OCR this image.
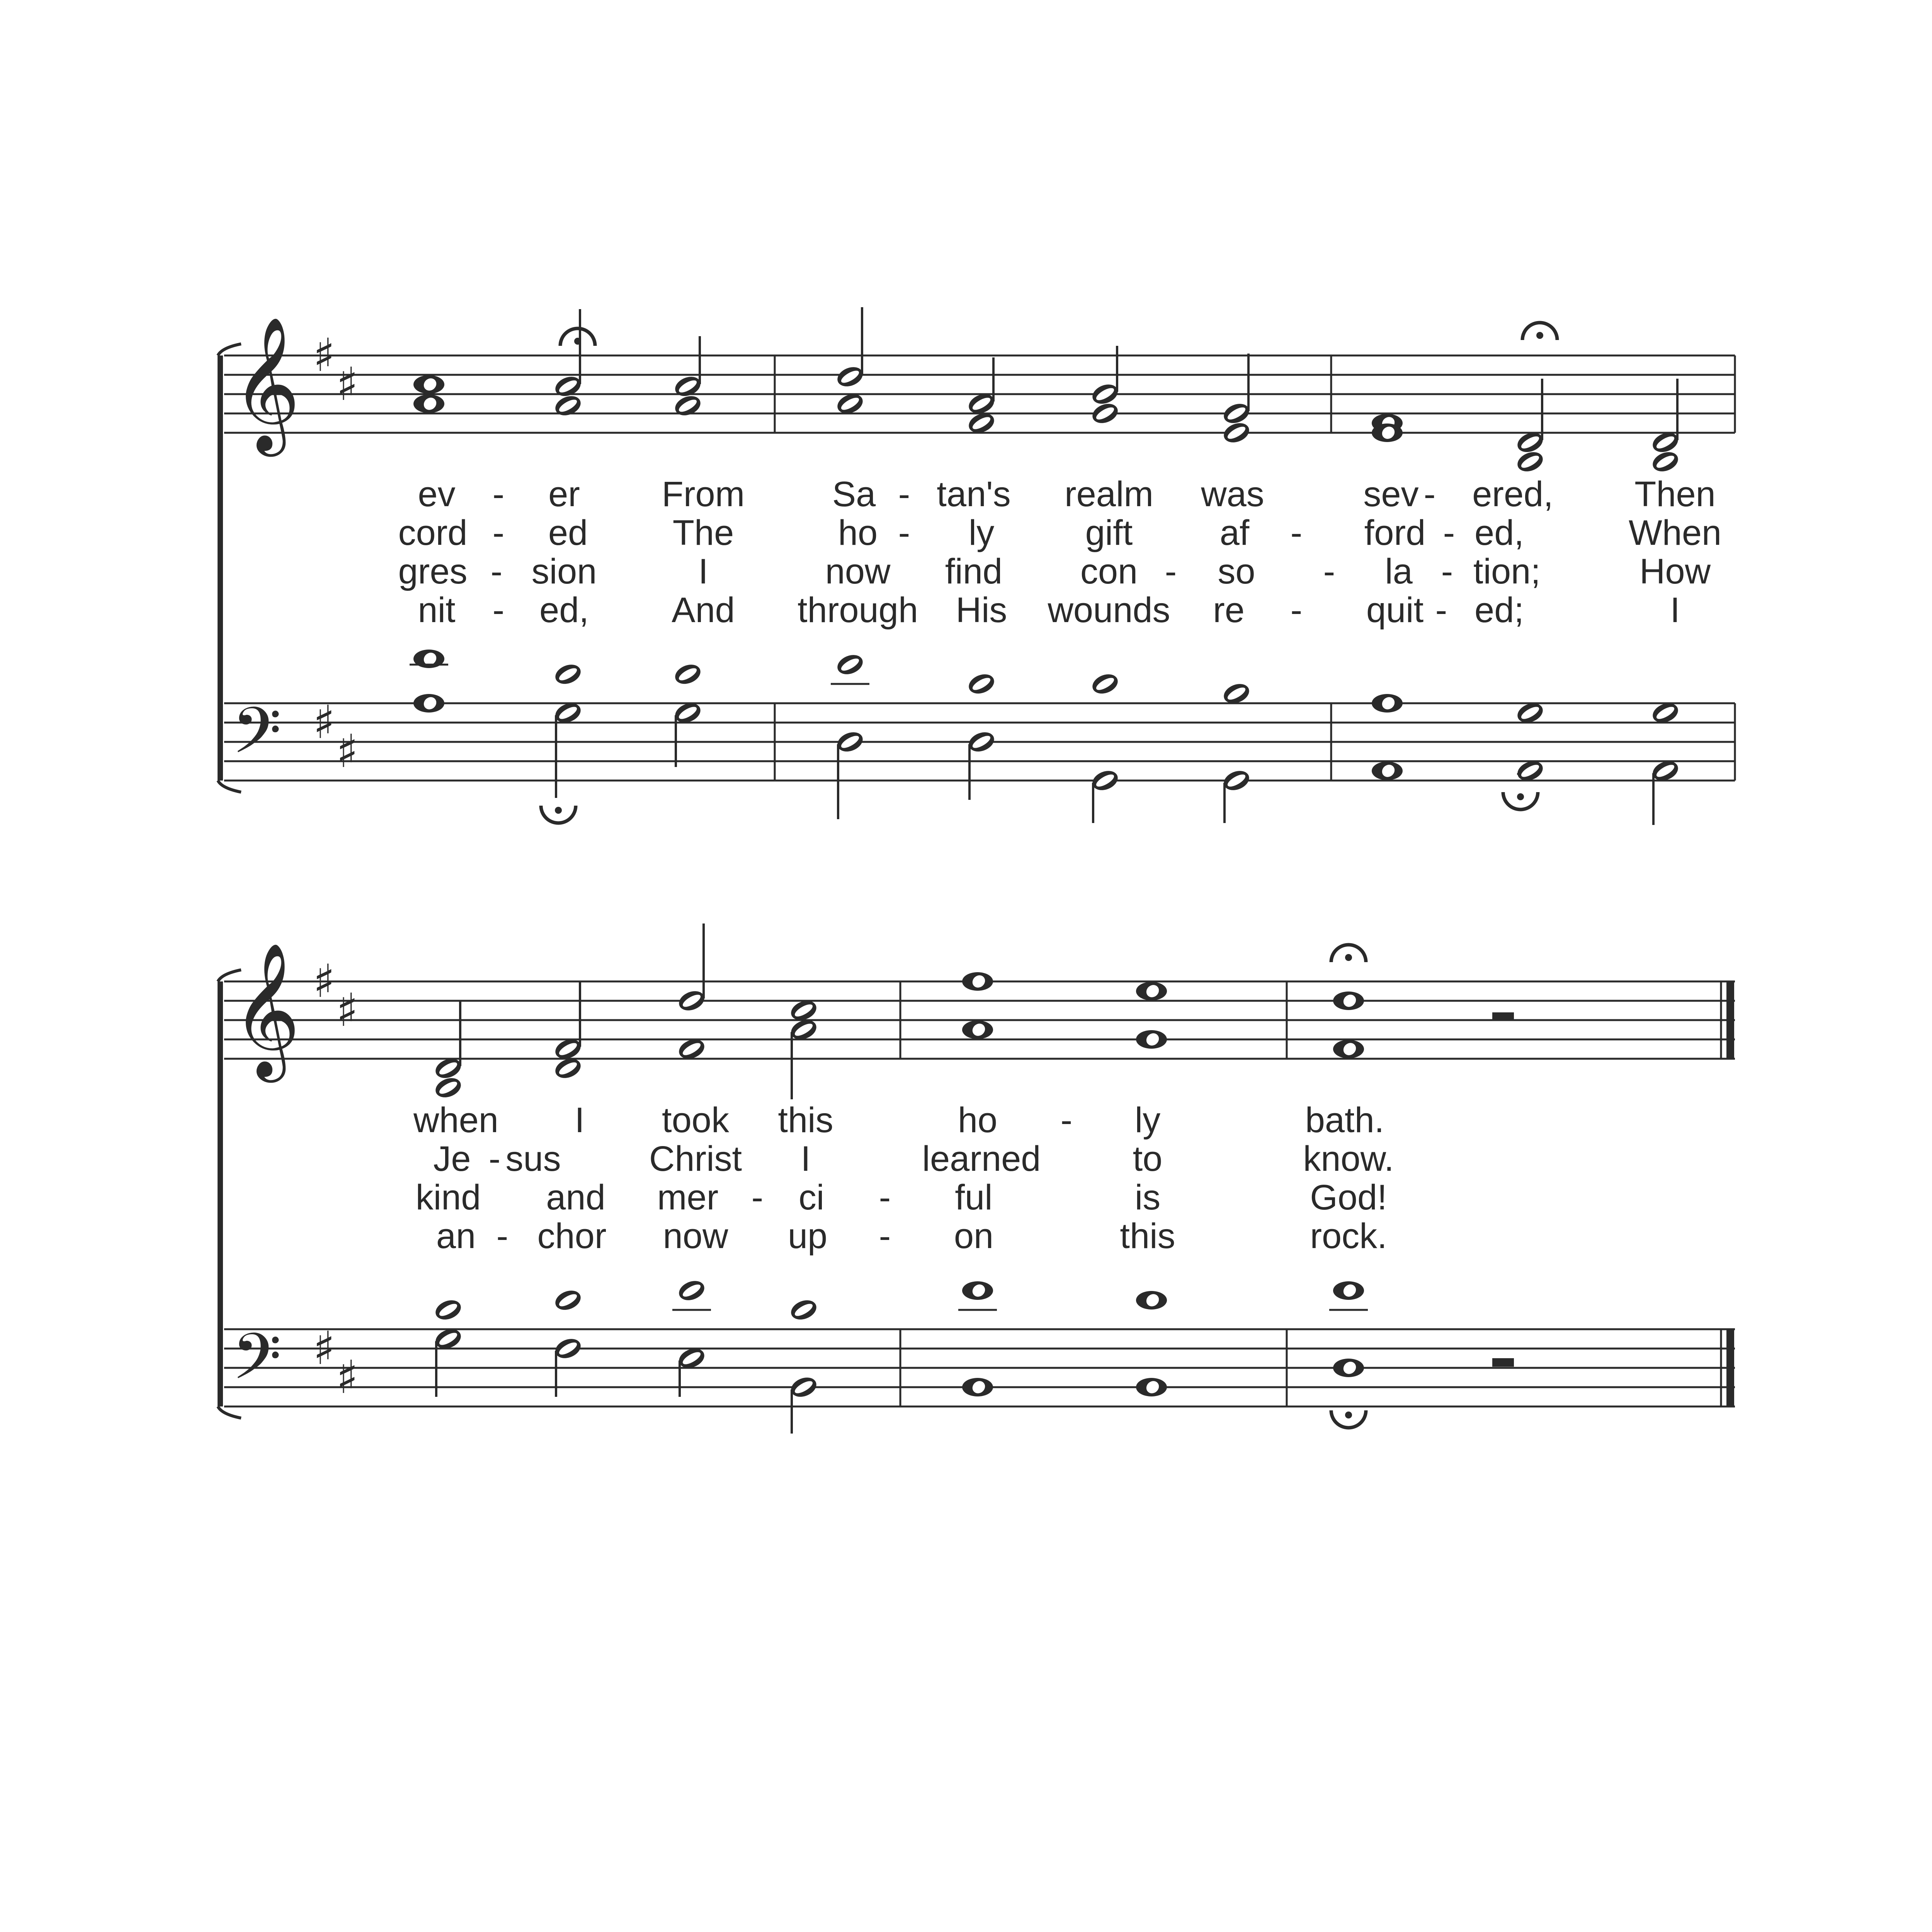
𝄞 ♯
♯
𝄢 ♯
♯
𝄞 ♯
♯
𝄢 ♯
♯
ev - er From Sa - tan's realm was	sev - ered, Then
cord - ed The	ho - ly	gift af - ford - ed,	When
gres - sion	I	now find con - so - la - tion;	How
nit - ed, And through His wounds re - quit - ed;	I
when I took this	ho - ly	bath.
Je - sus Christ I	learned	to	know.
kind and mer - ci - ful	is	God!
an - chor now up - on	this	rock.
